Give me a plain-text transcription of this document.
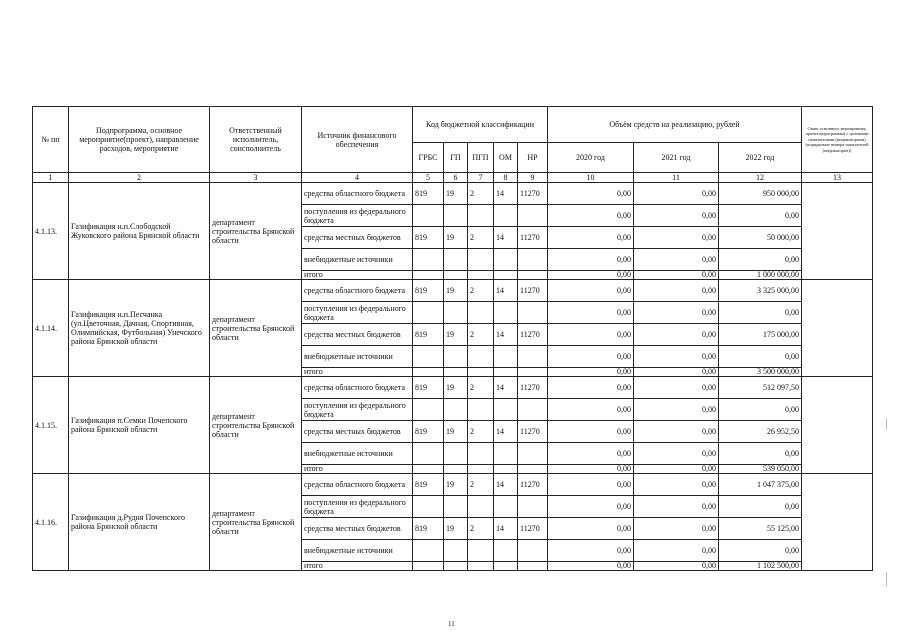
№ пп	Подпрограмма, основное мероприятие(проект), направление расходов, мероприятие	Ответственный исполнитель, соисполнитель	Источник финансового обеспечения	Код бюджетной классификации					Объём средств на реализацию, рублей			Связь основного мероприятия, проекта(программы) с целевыми показателями (индикаторами) (порядковые номера показателей (индикаторов))
				ГРБС	ГП	ПГП	ОМ	НР	2020 год	2021 год	2022 год	
1	2	3	4	5	6	7	8	9	10	11	12	13
4.1.13.	Газификация н.п.Слободской Жуковского района Брянской области	департамент строительства Брянской области	средства областного бюджета	819	19	2	14	11270	0,00	0,00	950 000,00	
			поступления из федерального бюджета						0,00	0,00	0,00	
			средства местных бюджетов	819	19	2	14	11270	0,00	0,00	50 000,00	
			внебюджетные источники						0,00	0,00	0,00	
			итого						0,00	0,00	1 000 000,00	
4.1.14.	Газификация н.п.Песчанка (ул.Цветочная, Дачная, Спортивная, Олимпийская, Футбольная) Унечского района Брянской области	департамент строительства Брянской области	средства областного бюджета	819	19	2	14	11270	0,00	0,00	3 325 000,00	
			поступления из федерального бюджета						0,00	0,00	0,00	
			средства местных бюджетов	819	19	2	14	11270	0,00	0,00	175 000,00	
			внебюджетные источники						0,00	0,00	0,00	
			итого						0,00	0,00	3 500 000,00	
4.1.15.	Газификация п.Семки Почепского района Брянской области	департамент строительства Брянской области	средства областного бюджета	819	19	2	14	11270	0,00	0,00	512 097,50	
			поступления из федерального бюджета						0,00	0,00	0,00	
			средства местных бюджетов	819	19	2	14	11270	0,00	0,00	26 952,50	
			внебюджетные источники						0,00	0,00	0,00	
			итого						0,00	0,00	539 050,00	
4.1.16.	Газификация д.Рудня Почепского района Брянской области	департамент строительства Брянской области	средства областного бюджета	819	19	2	14	11270	0,00	0,00	1 047 375,00	
			поступления из федерального бюджета						0,00	0,00	0,00	
			средства местных бюджетов	819	19	2	14	11270	0,00	0,00	55 125,00	
			внебюджетные источники						0,00	0,00	0,00	
			итого						0,00	0,00	1 102 500,00	
11
